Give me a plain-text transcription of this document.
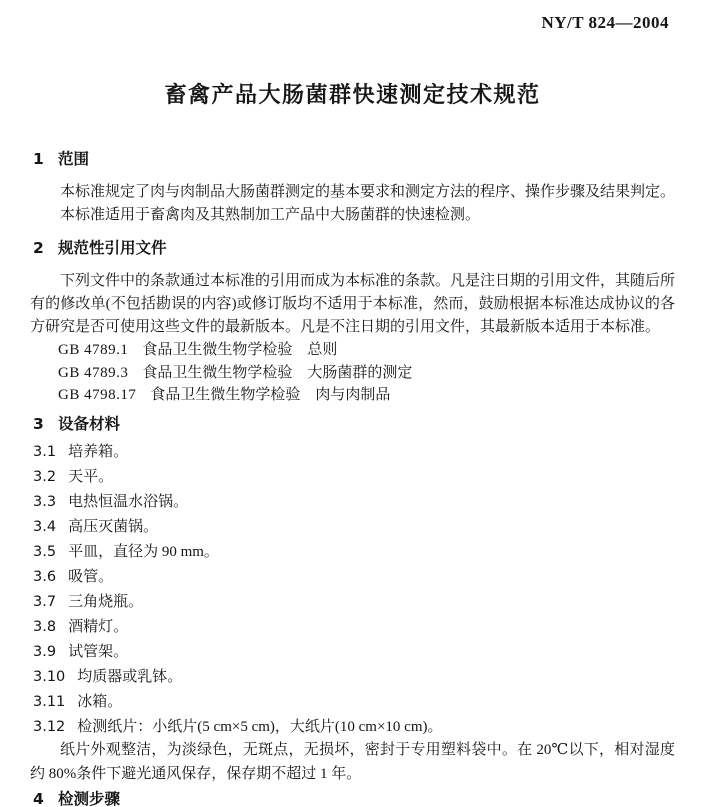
NY/T 824—2004
畜禽产品大肠菌群快速测定技术规范
1 范围

本标准规定了肉与肉制品大肠菌群测定的基本要求和测定方法的程序、操作步骤及结果判定。

本标准适用于畜禽肉及其熟制加工产品中大肠菌群的快速检测。

2 规范性引用文件

下列文件中的条款通过本标准的引用而成为本标准的条款。凡是注日期的引用文件，其随后所有的修改单(不包括勘误的内容)或修订版均不适用于本标准，然而，鼓励根据本标准达成协议的各方研究是否可使用这些文件的最新版本。凡是不注日期的引用文件，其最新版本适用于本标准。

GB 4789.1 食品卫生微生物学检验　总则
GB 4789.3 食品卫生微生物学检验　大肠菌群的测定
GB 4798.17 食品卫生微生物学检验　肉与肉制品
3 设备材料
3.1 培养箱。
3.2 天平。
3.3 电热恒温水浴锅。
3.4 高压灭菌锅。
3.5 平皿，直径为 90 mm。
3.6 吸管。
3.7 三角烧瓶。
3.8 酒精灯。
3.9 试管架。
3.10 均质器或乳钵。
3.11 冰箱。
3.12 检测纸片：小纸片(5 cm×5 cm)，大纸片(10 cm×10 cm)。

纸片外观整洁，为淡绿色，无斑点，无损坏，密封于专用塑料袋中。在 20℃以下，相对湿度约 80%条件下避光通风保存，保存期不超过 1 年。

4 检测步骤
